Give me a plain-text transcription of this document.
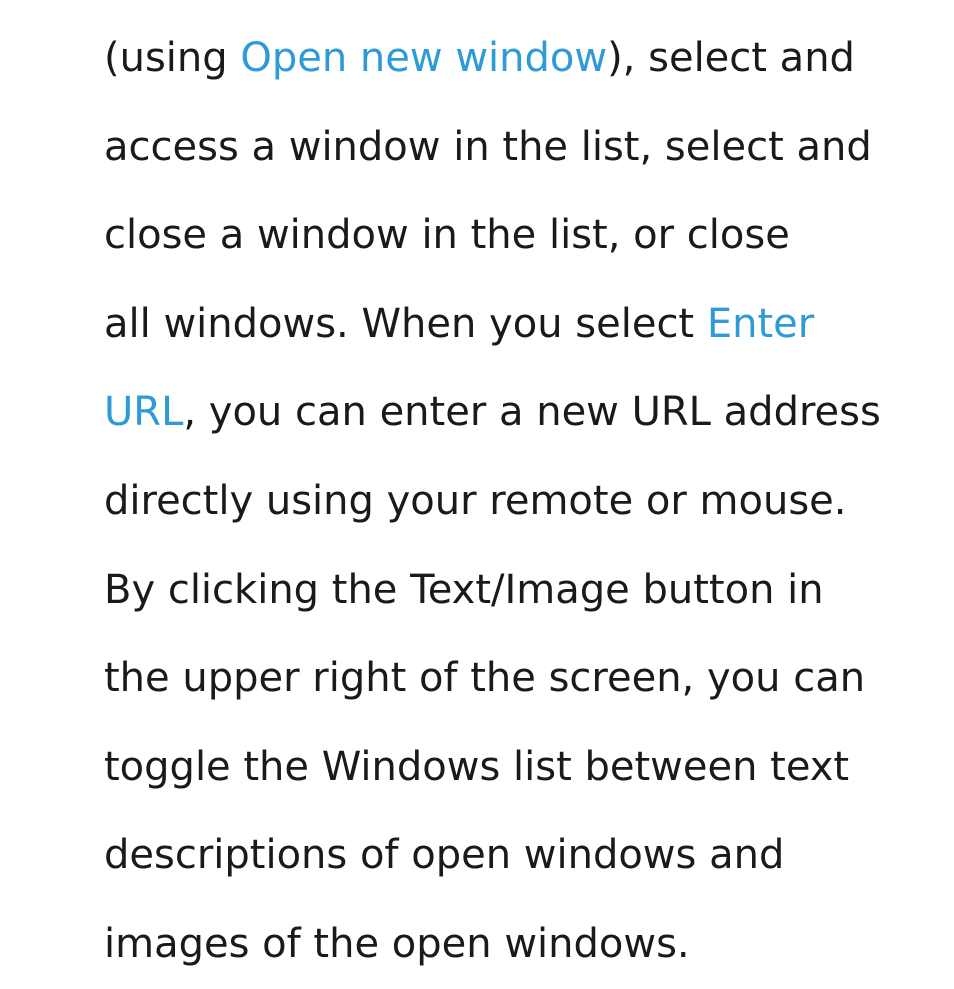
(using Open new window), select and
access a window in the list, select and
close a window in the list, or close
all windows. When you select Enter
URL, you can enter a new URL address
directly using your remote or mouse.
By clicking the Text/Image button in
the upper right of the screen, you can
toggle the Windows list between text
descriptions of open windows and
images of the open windows.
